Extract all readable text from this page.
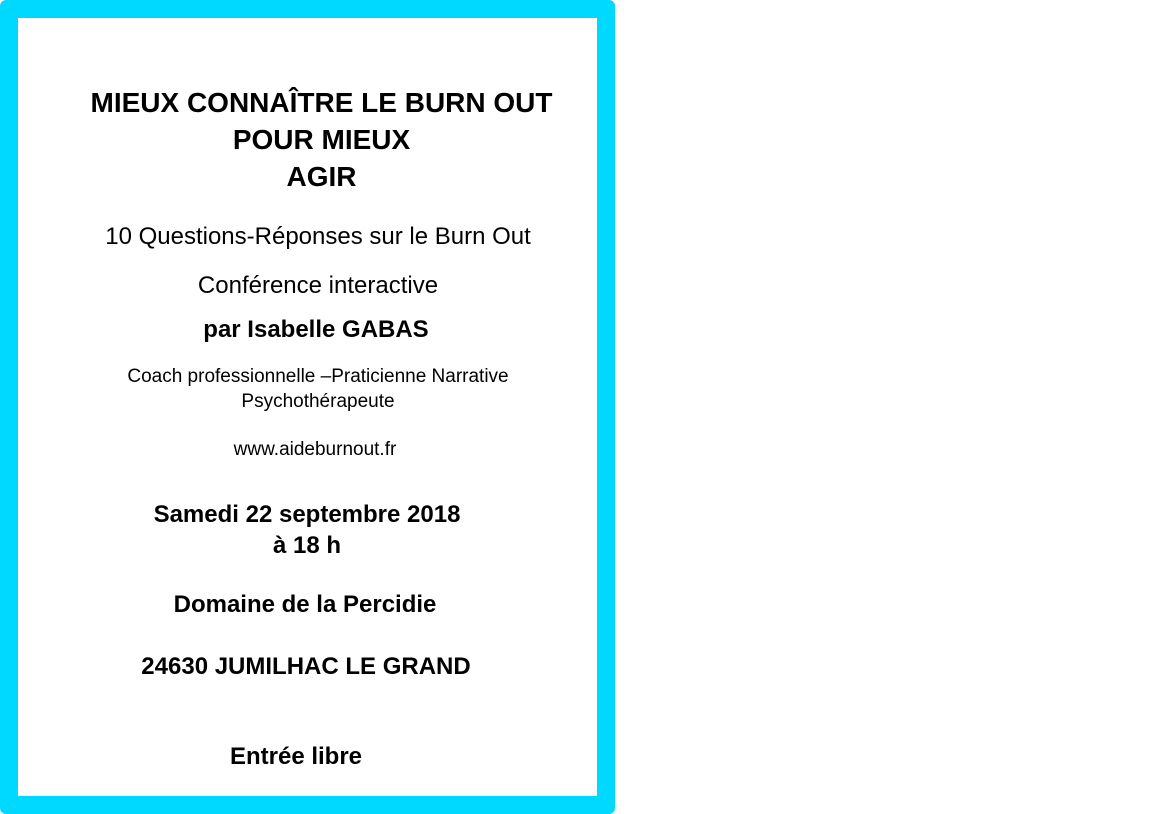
MIEUX CONNAÎTRE LE BURN OUT
POUR MIEUX
AGIR
10 Questions-Réponses sur le Burn Out
Conférence interactive
par Isabelle GABAS
Coach professionnelle –Praticienne Narrative
Psychothérapeute
www.aideburnout.fr
Samedi 22 septembre 2018
à 18 h
Domaine de la Percidie
24630 JUMILHAC LE GRAND
Entrée libre
